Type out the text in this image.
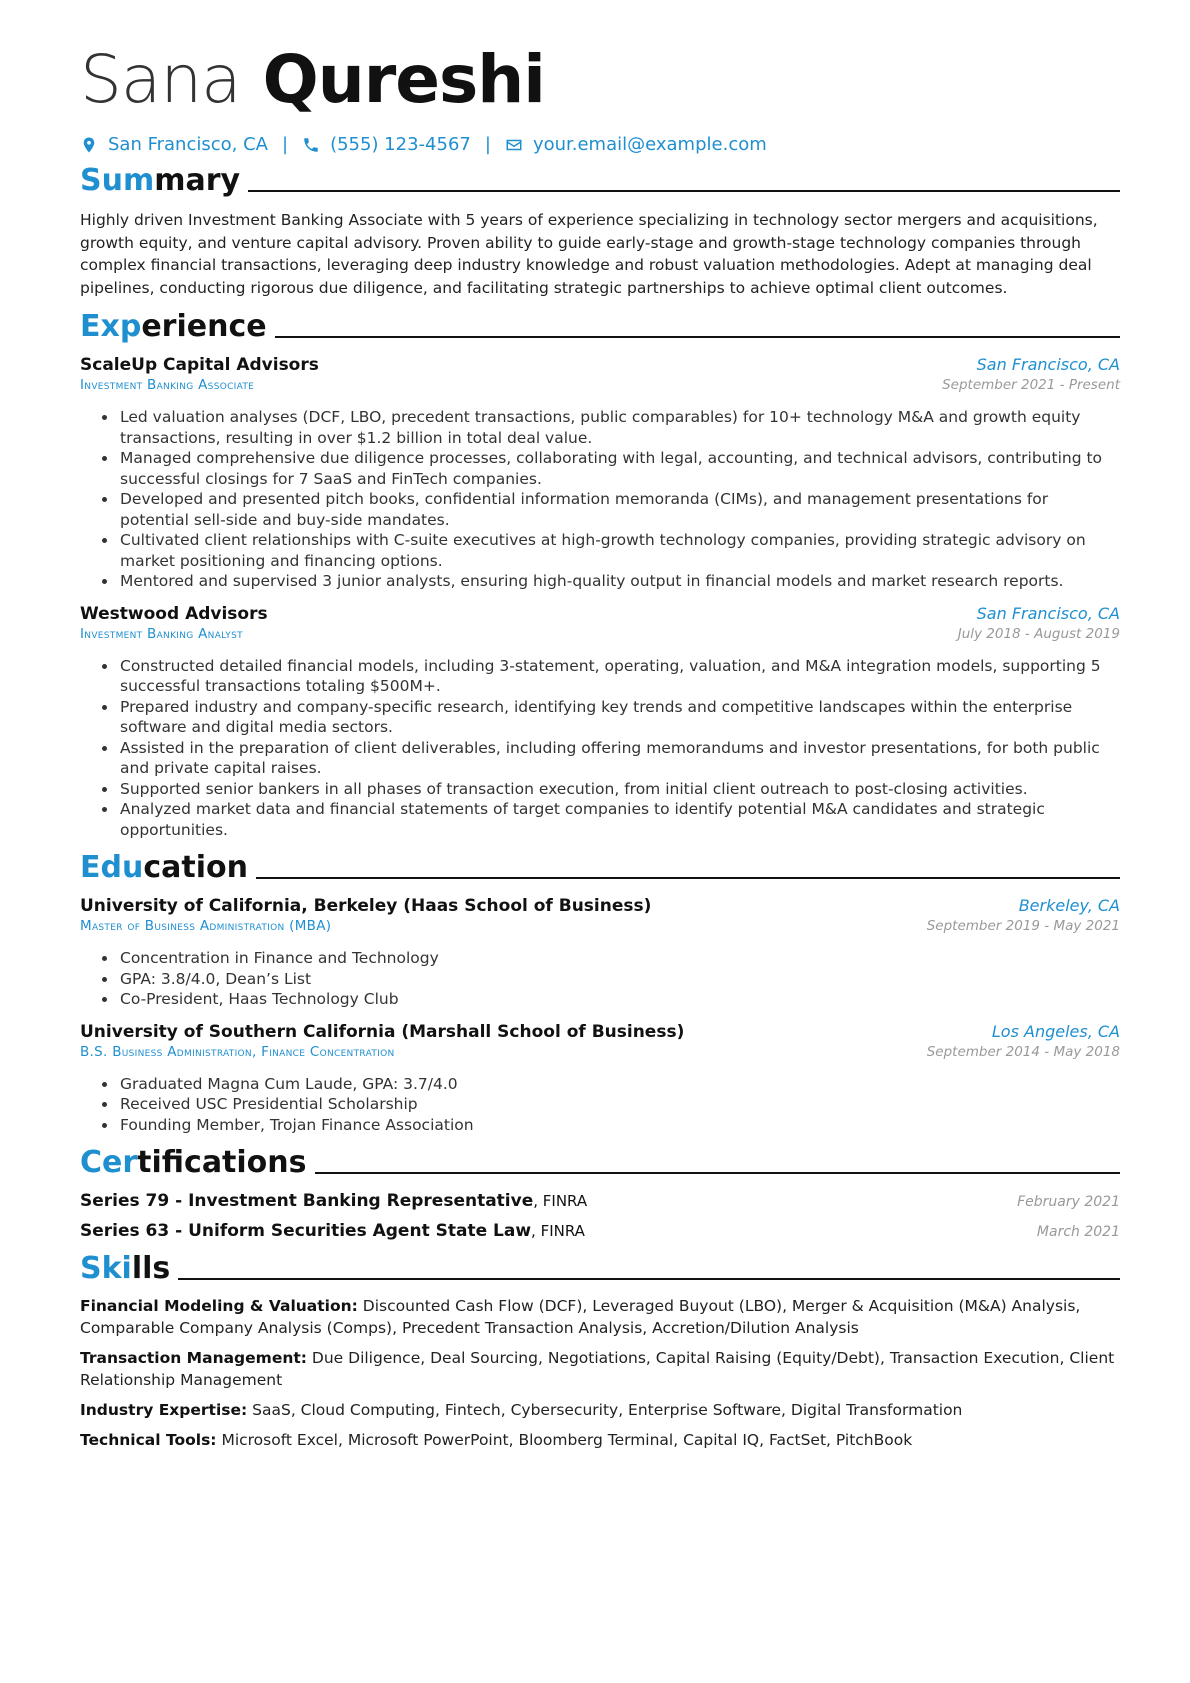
Sana Qureshi
San Francisco, CA | (555) 123-4567 | your.email@example.com
Summary
Highly driven Investment Banking Associate with 5 years of experience specializing in technology sector mergers and acquisitions, growth equity, and venture capital advisory. Proven ability to guide early-stage and growth-stage technology companies through complex financial transactions, leveraging deep industry knowledge and robust valuation methodologies. Adept at managing deal pipelines, conducting rigorous due diligence, and facilitating strategic partnerships to achieve optimal client outcomes.
Experience
ScaleUp Capital Advisors	San Francisco, CA
Investment Banking Associate	September 2021 - Present
• Led valuation analyses (DCF, LBO, precedent transactions, public comparables) for 10+ technology M&A and growth equity transactions, resulting in over $1.2 billion in total deal value.
• Managed comprehensive due diligence processes, collaborating with legal, accounting, and technical advisors, contributing to successful closings for 7 SaaS and FinTech companies.
• Developed and presented pitch books, confidential information memoranda (CIMs), and management presentations for potential sell-side and buy-side mandates.
• Cultivated client relationships with C-suite executives at high-growth technology companies, providing strategic advisory on market positioning and financing options.
• Mentored and supervised 3 junior analysts, ensuring high-quality output in financial models and market research reports.
Westwood Advisors	San Francisco, CA
Investment Banking Analyst	July 2018 - August 2019
• Constructed detailed financial models, including 3-statement, operating, valuation, and M&A integration models, supporting 5 successful transactions totaling $500M+.
• Prepared industry and company-specific research, identifying key trends and competitive landscapes within the enterprise software and digital media sectors.
• Assisted in the preparation of client deliverables, including offering memorandums and investor presentations, for both public and private capital raises.
• Supported senior bankers in all phases of transaction execution, from initial client outreach to post-closing activities.
• Analyzed market data and financial statements of target companies to identify potential M&A candidates and strategic opportunities.
Education
University of California, Berkeley (Haas School of Business)	Berkeley, CA
Master of Business Administration (MBA)	September 2019 - May 2021
• Concentration in Finance and Technology
• GPA: 3.8/4.0, Dean’s List
• Co-President, Haas Technology Club
University of Southern California (Marshall School of Business)	Los Angeles, CA
B.S. Business Administration, Finance Concentration	September 2014 - May 2018
• Graduated Magna Cum Laude, GPA: 3.7/4.0
• Received USC Presidential Scholarship
• Founding Member, Trojan Finance Association
Certifications
Series 79 - Investment Banking Representative, FINRA	February 2021
Series 63 - Uniform Securities Agent State Law, FINRA	March 2021
Skills
Financial Modeling & Valuation: Discounted Cash Flow (DCF), Leveraged Buyout (LBO), Merger & Acquisition (M&A) Analysis, Comparable Company Analysis (Comps), Precedent Transaction Analysis, Accretion/Dilution Analysis
Transaction Management: Due Diligence, Deal Sourcing, Negotiations, Capital Raising (Equity/Debt), Transaction Execution, Client Relationship Management
Industry Expertise: SaaS, Cloud Computing, Fintech, Cybersecurity, Enterprise Software, Digital Transformation
Technical Tools: Microsoft Excel, Microsoft PowerPoint, Bloomberg Terminal, Capital IQ, FactSet, PitchBook
